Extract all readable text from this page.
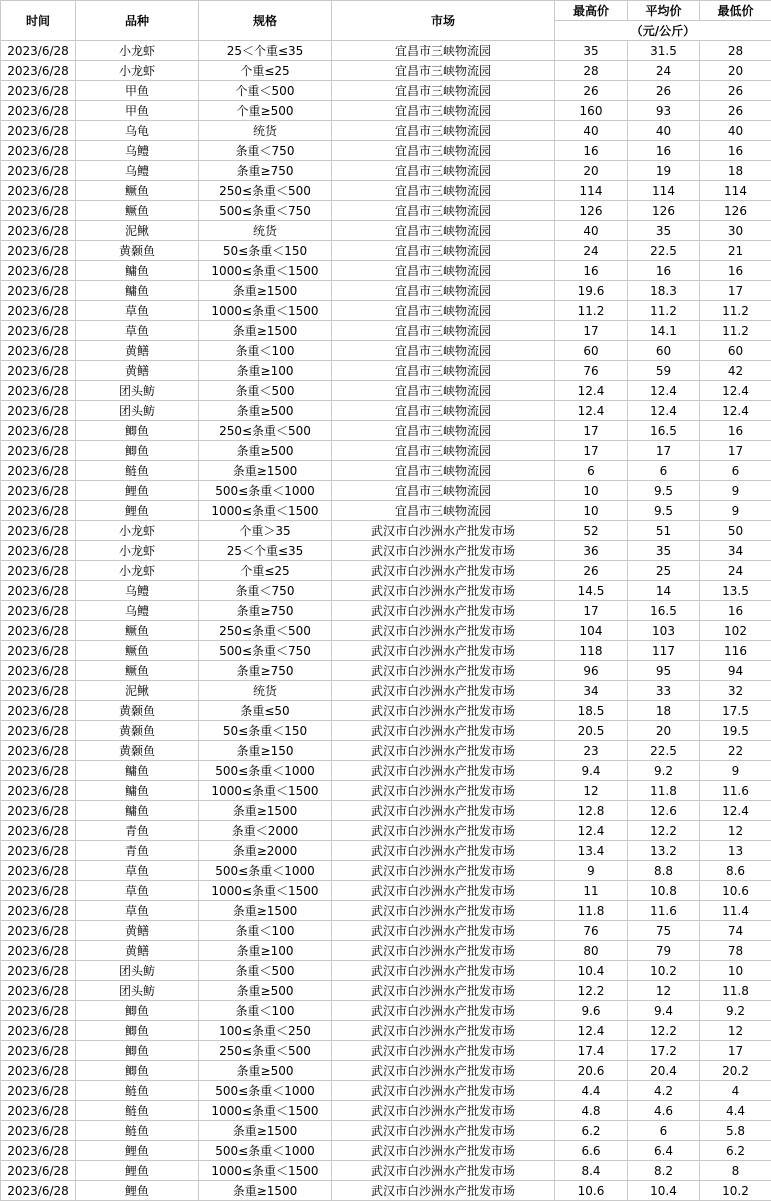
时间	品种	规格	市场	最高价	平均价	最低价
				（元/公斤）		
2023/6/28	小龙虾	25＜个重≤35	宜昌市三峡物流园	35	31.5	28
2023/6/28	小龙虾	个重≤25	宜昌市三峡物流园	28	24	20
2023/6/28	甲鱼	个重＜500	宜昌市三峡物流园	26	26	26
2023/6/28	甲鱼	个重≥500	宜昌市三峡物流园	160	93	26
2023/6/28	乌龟	统货	宜昌市三峡物流园	40	40	40
2023/6/28	乌鳢	条重＜750	宜昌市三峡物流园	16	16	16
2023/6/28	乌鳢	条重≥750	宜昌市三峡物流园	20	19	18
2023/6/28	鳜鱼	250≤条重＜500	宜昌市三峡物流园	114	114	114
2023/6/28	鳜鱼	500≤条重＜750	宜昌市三峡物流园	126	126	126
2023/6/28	泥鳅	统货	宜昌市三峡物流园	40	35	30
2023/6/28	黄颡鱼	50≤条重＜150	宜昌市三峡物流园	24	22.5	21
2023/6/28	鳙鱼	1000≤条重＜1500	宜昌市三峡物流园	16	16	16
2023/6/28	鳙鱼	条重≥1500	宜昌市三峡物流园	19.6	18.3	17
2023/6/28	草鱼	1000≤条重＜1500	宜昌市三峡物流园	11.2	11.2	11.2
2023/6/28	草鱼	条重≥1500	宜昌市三峡物流园	17	14.1	11.2
2023/6/28	黄鳝	条重＜100	宜昌市三峡物流园	60	60	60
2023/6/28	黄鳝	条重≥100	宜昌市三峡物流园	76	59	42
2023/6/28	团头鲂	条重＜500	宜昌市三峡物流园	12.4	12.4	12.4
2023/6/28	团头鲂	条重≥500	宜昌市三峡物流园	12.4	12.4	12.4
2023/6/28	鲫鱼	250≤条重＜500	宜昌市三峡物流园	17	16.5	16
2023/6/28	鲫鱼	条重≥500	宜昌市三峡物流园	17	17	17
2023/6/28	鲢鱼	条重≥1500	宜昌市三峡物流园	6	6	6
2023/6/28	鲤鱼	500≤条重＜1000	宜昌市三峡物流园	10	9.5	9
2023/6/28	鲤鱼	1000≤条重＜1500	宜昌市三峡物流园	10	9.5	9
2023/6/28	小龙虾	个重＞35	武汉市白沙洲水产批发市场	52	51	50
2023/6/28	小龙虾	25＜个重≤35	武汉市白沙洲水产批发市场	36	35	34
2023/6/28	小龙虾	个重≤25	武汉市白沙洲水产批发市场	26	25	24
2023/6/28	乌鳢	条重＜750	武汉市白沙洲水产批发市场	14.5	14	13.5
2023/6/28	乌鳢	条重≥750	武汉市白沙洲水产批发市场	17	16.5	16
2023/6/28	鳜鱼	250≤条重＜500	武汉市白沙洲水产批发市场	104	103	102
2023/6/28	鳜鱼	500≤条重＜750	武汉市白沙洲水产批发市场	118	117	116
2023/6/28	鳜鱼	条重≥750	武汉市白沙洲水产批发市场	96	95	94
2023/6/28	泥鳅	统货	武汉市白沙洲水产批发市场	34	33	32
2023/6/28	黄颡鱼	条重≤50	武汉市白沙洲水产批发市场	18.5	18	17.5
2023/6/28	黄颡鱼	50≤条重＜150	武汉市白沙洲水产批发市场	20.5	20	19.5
2023/6/28	黄颡鱼	条重≥150	武汉市白沙洲水产批发市场	23	22.5	22
2023/6/28	鳙鱼	500≤条重＜1000	武汉市白沙洲水产批发市场	9.4	9.2	9
2023/6/28	鳙鱼	1000≤条重＜1500	武汉市白沙洲水产批发市场	12	11.8	11.6
2023/6/28	鳙鱼	条重≥1500	武汉市白沙洲水产批发市场	12.8	12.6	12.4
2023/6/28	青鱼	条重＜2000	武汉市白沙洲水产批发市场	12.4	12.2	12
2023/6/28	青鱼	条重≥2000	武汉市白沙洲水产批发市场	13.4	13.2	13
2023/6/28	草鱼	500≤条重＜1000	武汉市白沙洲水产批发市场	9	8.8	8.6
2023/6/28	草鱼	1000≤条重＜1500	武汉市白沙洲水产批发市场	11	10.8	10.6
2023/6/28	草鱼	条重≥1500	武汉市白沙洲水产批发市场	11.8	11.6	11.4
2023/6/28	黄鳝	条重＜100	武汉市白沙洲水产批发市场	76	75	74
2023/6/28	黄鳝	条重≥100	武汉市白沙洲水产批发市场	80	79	78
2023/6/28	团头鲂	条重＜500	武汉市白沙洲水产批发市场	10.4	10.2	10
2023/6/28	团头鲂	条重≥500	武汉市白沙洲水产批发市场	12.2	12	11.8
2023/6/28	鲫鱼	条重＜100	武汉市白沙洲水产批发市场	9.6	9.4	9.2
2023/6/28	鲫鱼	100≤条重＜250	武汉市白沙洲水产批发市场	12.4	12.2	12
2023/6/28	鲫鱼	250≤条重＜500	武汉市白沙洲水产批发市场	17.4	17.2	17
2023/6/28	鲫鱼	条重≥500	武汉市白沙洲水产批发市场	20.6	20.4	20.2
2023/6/28	鲢鱼	500≤条重＜1000	武汉市白沙洲水产批发市场	4.4	4.2	4
2023/6/28	鲢鱼	1000≤条重＜1500	武汉市白沙洲水产批发市场	4.8	4.6	4.4
2023/6/28	鲢鱼	条重≥1500	武汉市白沙洲水产批发市场	6.2	6	5.8
2023/6/28	鲤鱼	500≤条重＜1000	武汉市白沙洲水产批发市场	6.6	6.4	6.2
2023/6/28	鲤鱼	1000≤条重＜1500	武汉市白沙洲水产批发市场	8.4	8.2	8
2023/6/28	鲤鱼	条重≥1500	武汉市白沙洲水产批发市场	10.6	10.4	10.2
